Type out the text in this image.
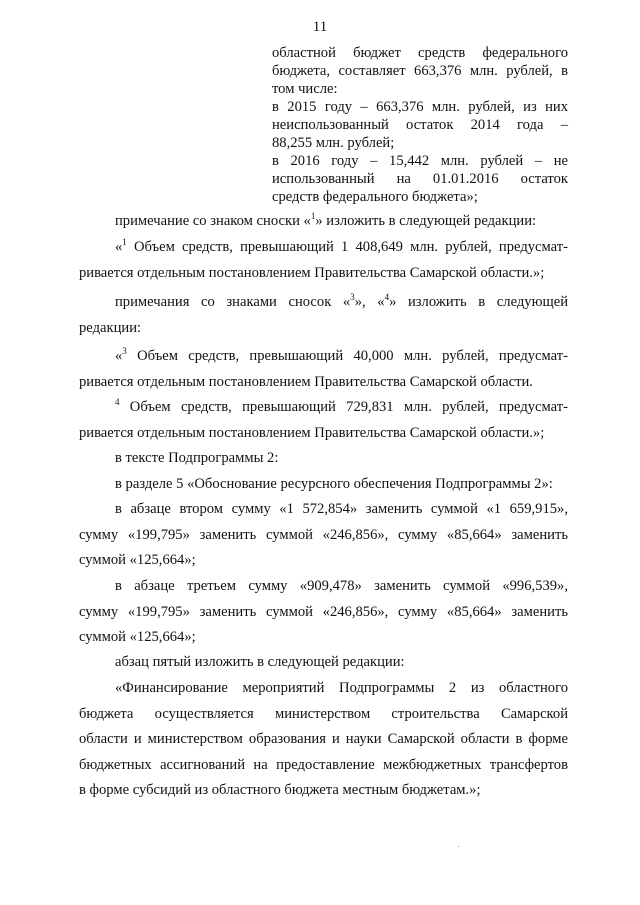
11
областной бюджет средств федерального
бюджета, составляет 663,376 млн. рублей, в
том числе:
в 2015 году – 663,376 млн. рублей, из них
неиспользованный остаток 2014 года –
88,255 млн. рублей;
в 2016 году – 15,442 млн. рублей – не
использованный на 01.01.2016 остаток
средств федерального бюджета»;
примечание со знаком сноски «$^1$» изложить в следующей редакции:
«$^1$ Объем средств, превышающий 1 408,649 млн. рублей, предусмат-
ривается отдельным постановлением Правительства Самарской области.»;
примечания со знаками сносок «$^3$», «$^4$» изложить в следующей
редакции:
«$^3$ Объем средств, превышающий 40,000 млн. рублей, предусмат-
ривается отдельным постановлением Правительства Самарской области.
$^4$ Объем средств, превышающий 729,831 млн. рублей, предусмат-
ривается отдельным постановлением Правительства Самарской области.»;
в тексте Подпрограммы 2:
в разделе 5 «Обоснование ресурсного обеспечения Подпрограммы 2»:
в абзаце втором сумму «1 572,854» заменить суммой «1 659,915»,
сумму «199,795» заменить суммой «246,856», сумму «85,664» заменить
суммой «125,664»;
в абзаце третьем сумму «909,478» заменить суммой «996,539»,
сумму «199,795» заменить суммой «246,856», сумму «85,664» заменить
суммой «125,664»;
абзац пятый изложить в следующей редакции:
«Финансирование мероприятий Подпрограммы 2 из областного
бюджета осуществляется министерством строительства Самарской
области и министерством образования и науки Самарской области в форме
бюджетных ассигнований на предоставление межбюджетных трансфертов
в форме субсидий из областного бюджета местным бюджетам.»;
